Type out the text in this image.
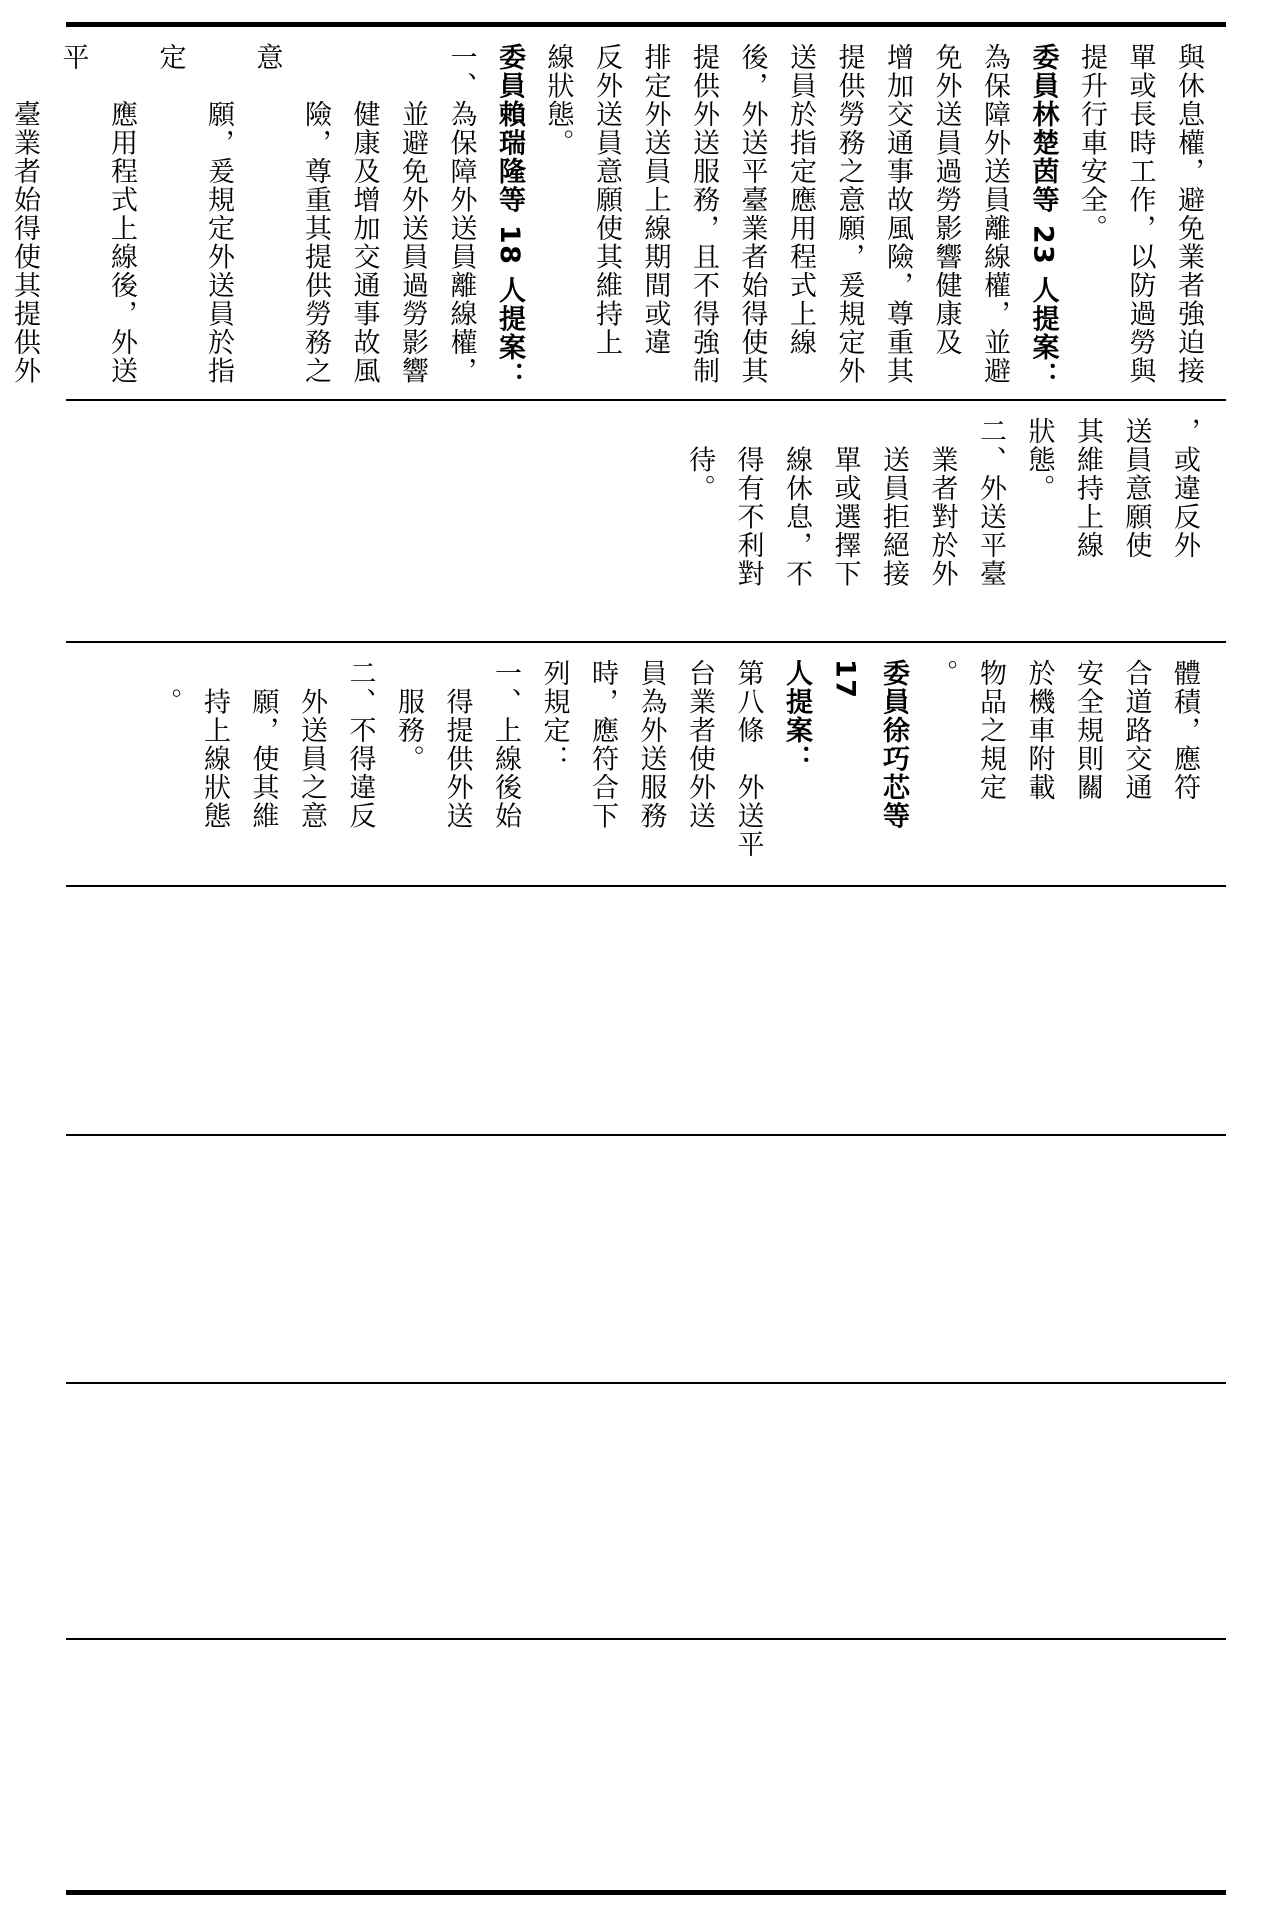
與休息權，避免業者強迫接
單或長時工作，以防過勞與
提升行車安全。
委員林楚茵等 23 人提案：
為保障外送員離線權，並避
免外送員過勞影響健康及
增加交通事故風險，尊重其
提供勞務之意願，爰規定外
送員於指定應用程式上線
後，外送平臺業者始得使其
提供外送服務，且不得強制
排定外送員上線期間或違
反外送員意願使其維持上
線狀態。
委員賴瑞隆等 18 人提案：
一、為保障外送員離線權，
　　並避免外送員過勞影響
　　健康及增加交通事故風
　　險，尊重其提供勞務之意
　　願，爰規定外送員於指定
　　應用程式上線後，外送平
　　臺業者始得使其提供外
，或違反外
送員意願使
其維持上線
狀態。
二、外送平臺
　業者對於外
　送員拒絕接
　單或選擇下
　線休息，不
　得有不利對
　待。
體積，應符
合道路交通
安全規則關
於機車附載
物品之規定
。
委員徐巧芯等 17
人提案：
第八條　外送平
台業者使外送
員為外送服務
時，應符合下
列規定：
一、上線後始
　得提供外送
　服務。
二、不得違反
　外送員之意
　願，使其維
　持上線狀態
　。
